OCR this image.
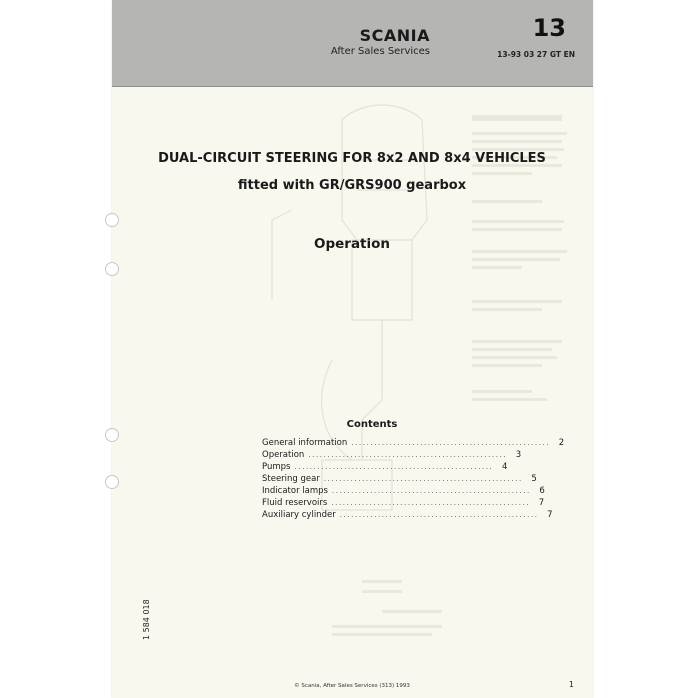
SCANIA
After Sales Services
13
13-93 03 27 GT EN
DUAL-CIRCUIT STEERING FOR 8x2 AND 8x4 VEHICLES
fitted with GR/GRS900 gearbox
Operation
Contents
General information ....................................................	2
Operation ....................................................	3
Pumps ....................................................	4
Steering gear ....................................................	5
Indicator lamps ....................................................	6
Fluid reservoirs ....................................................	7
Auxiliary cylinder ....................................................	7
1 584 018
© Scania, After Sales Services (313) 1993	1
